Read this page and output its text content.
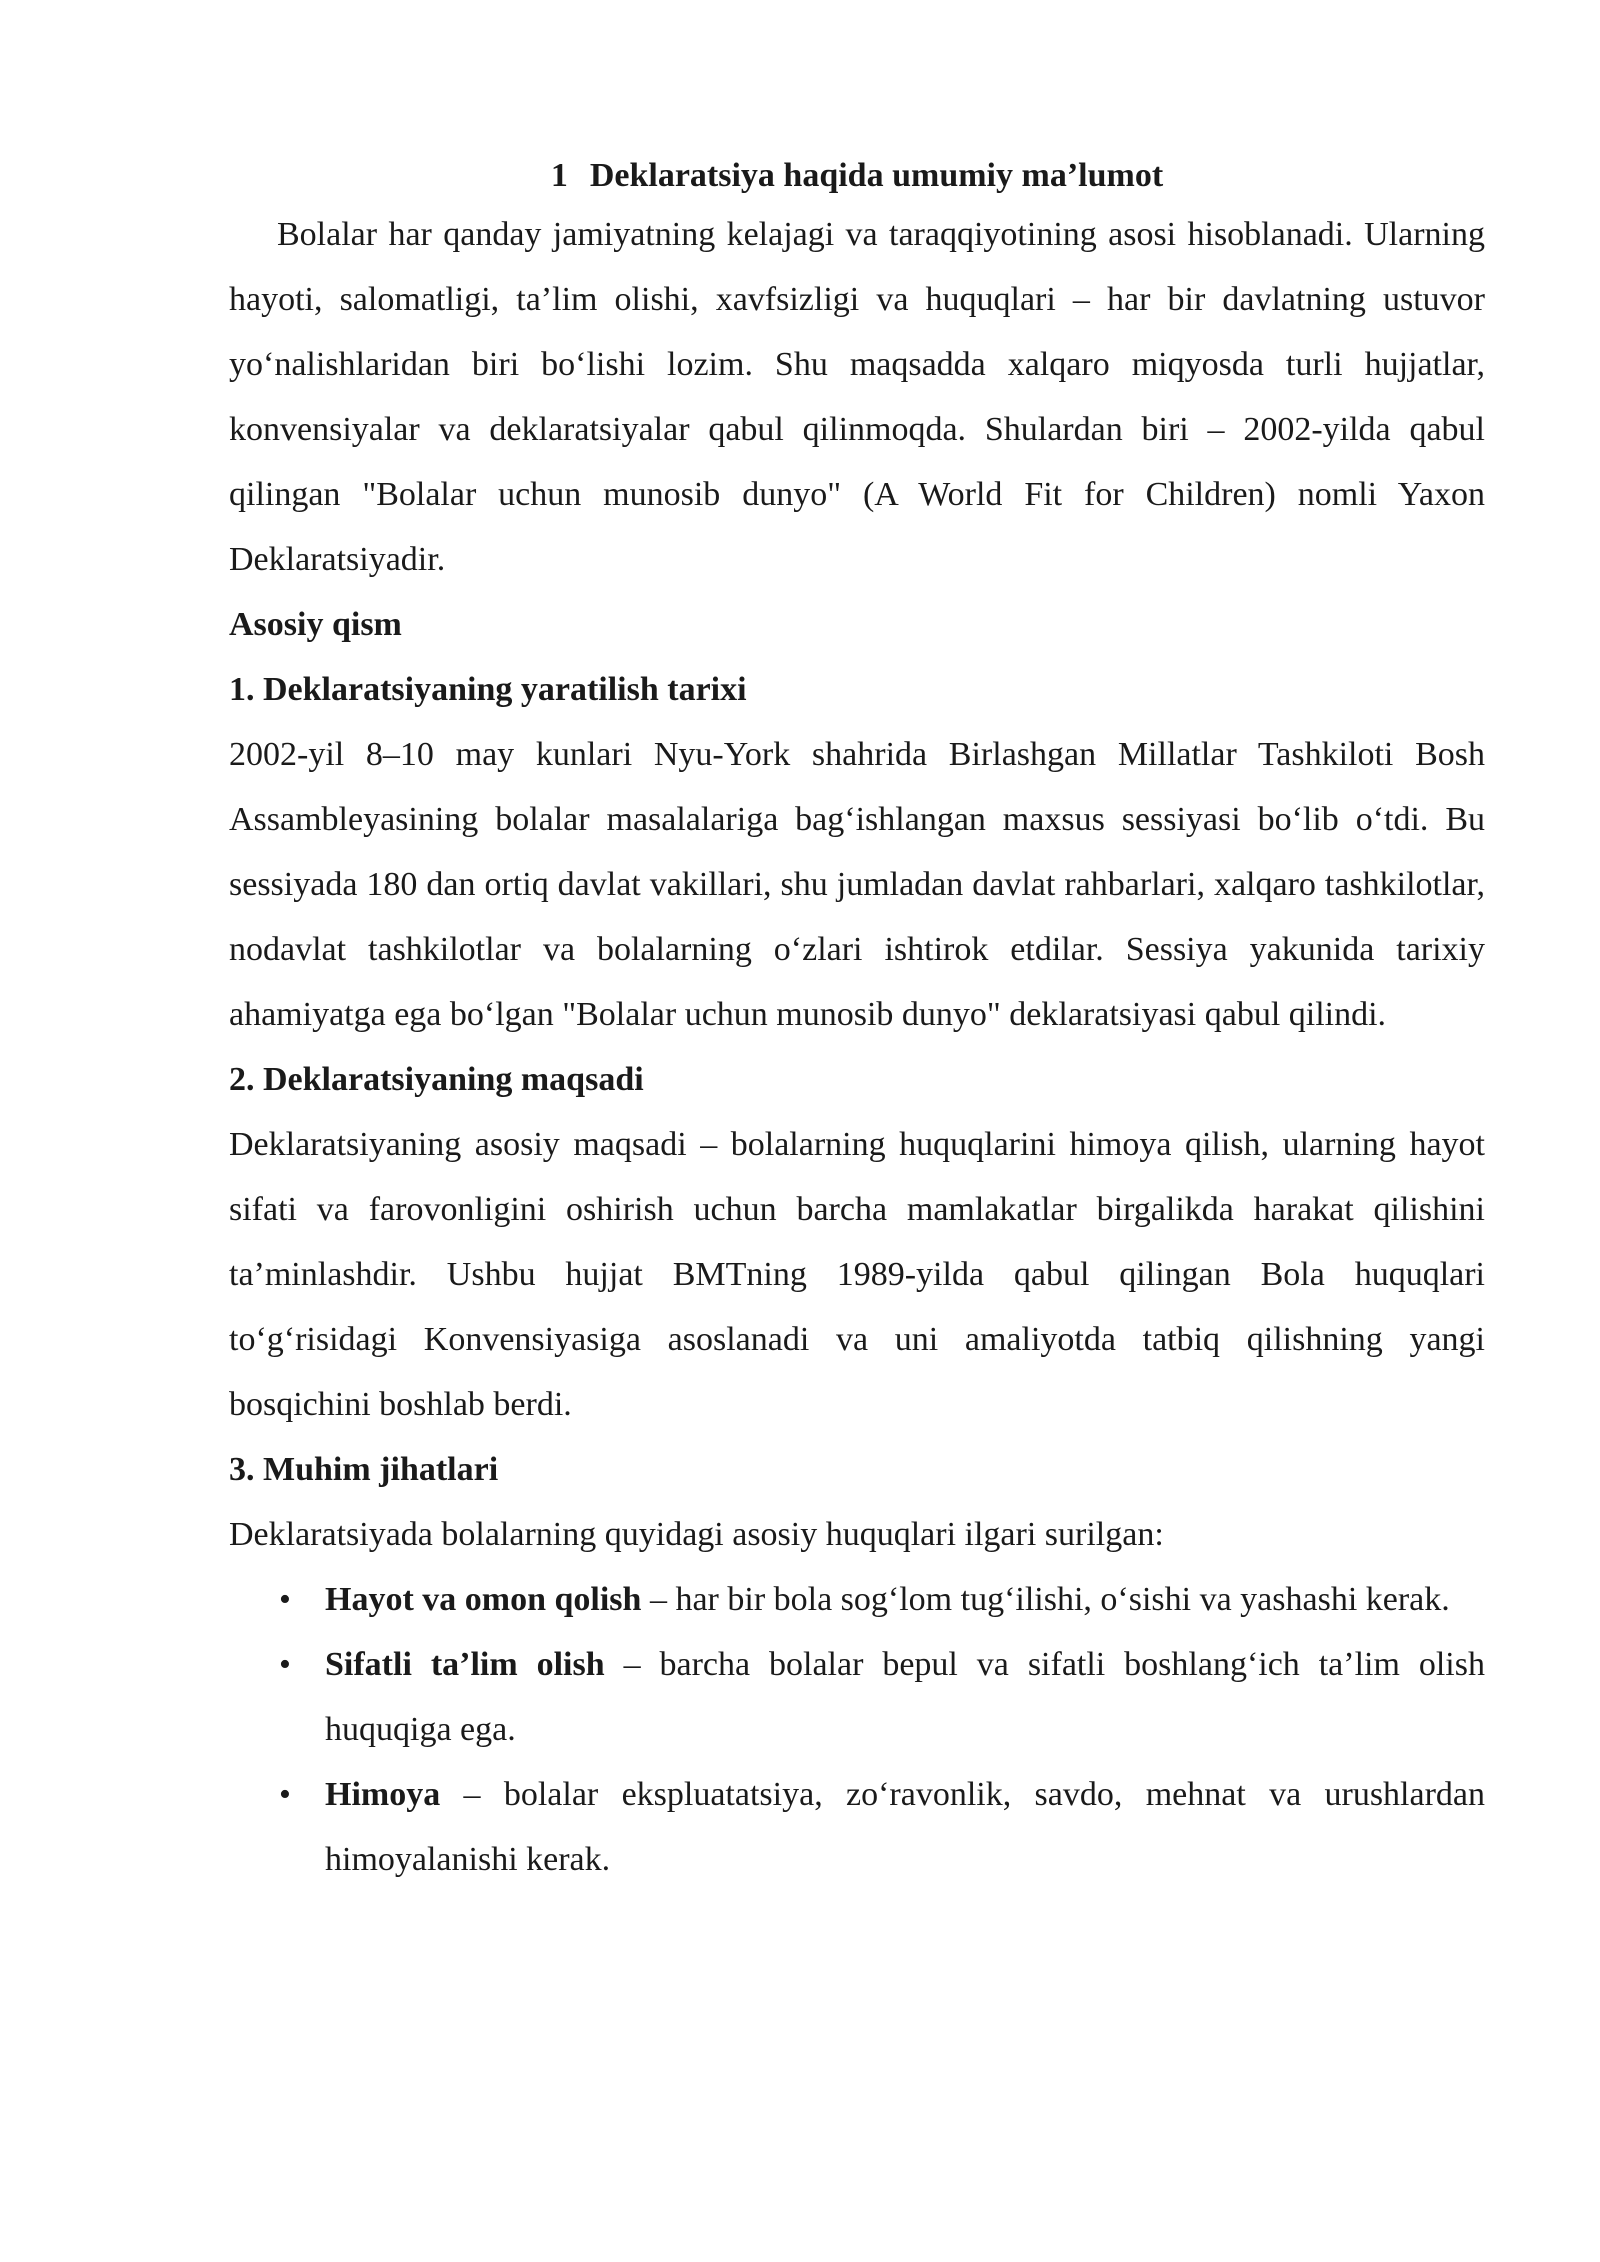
1 Deklaratsiya haqida umumiy ma’lumot

Bolalar har qanday jamiyatning kelajagi va taraqqiyotining asosi hisoblanadi. Ularning hayoti, salomatligi, ta’lim olishi, xavfsizligi va huquqlari – har bir davlatning ustuvor yo‘nalishlaridan biri bo‘lishi lozim. Shu maqsadda xalqaro miqyosda turli hujjatlar, konvensiyalar va deklaratsiyalar qabul qilinmoqda. Shulardan biri – 2002-yilda qabul qilingan "Bolalar uchun munosib dunyo" (A World Fit for Children) nomli Yaxon Deklaratsiyadir.

Asosiy qism
1. Deklaratsiyaning yaratilish tarixi

2002-yil 8–10 may kunlari Nyu-York shahrida Birlashgan Millatlar Tashkiloti Bosh Assambleyasining bolalar masalalariga bag‘ishlangan maxsus sessiyasi bo‘lib o‘tdi. Bu sessiyada 180 dan ortiq davlat vakillari, shu jumladan davlat rahbarlari, xalqaro tashkilotlar, nodavlat tashkilotlar va bolalarning o‘zlari ishtirok etdilar. Sessiya yakunida tarixiy ahamiyatga ega bo‘lgan "Bolalar uchun munosib dunyo" deklaratsiyasi qabul qilindi.

2. Deklaratsiyaning maqsadi

Deklaratsiyaning asosiy maqsadi – bolalarning huquqlarini himoya qilish, ularning hayot sifati va farovonligini oshirish uchun barcha mamlakatlar birgalikda harakat qilishini ta’minlashdir. Ushbu hujjat BMTning 1989-yilda qabul qilingan Bola huquqlari to‘g‘risidagi Konvensiyasiga asoslanadi va uni amaliyotda tatbiq qilishning yangi bosqichini boshlab berdi.

3. Muhim jihatlari

Deklaratsiyada bolalarning quyidagi asosiy huquqlari ilgari surilgan:

• Hayot va omon qolish – har bir bola sog‘lom tug‘ilishi, o‘sishi va yashashi kerak.
• Sifatli ta’lim olish – barcha bolalar bepul va sifatli boshlang‘ich ta’lim olish huquqiga ega.
• Himoya – bolalar ekspluatatsiya, zo‘ravonlik, savdo, mehnat va urushlardan himoyalanishi kerak.
